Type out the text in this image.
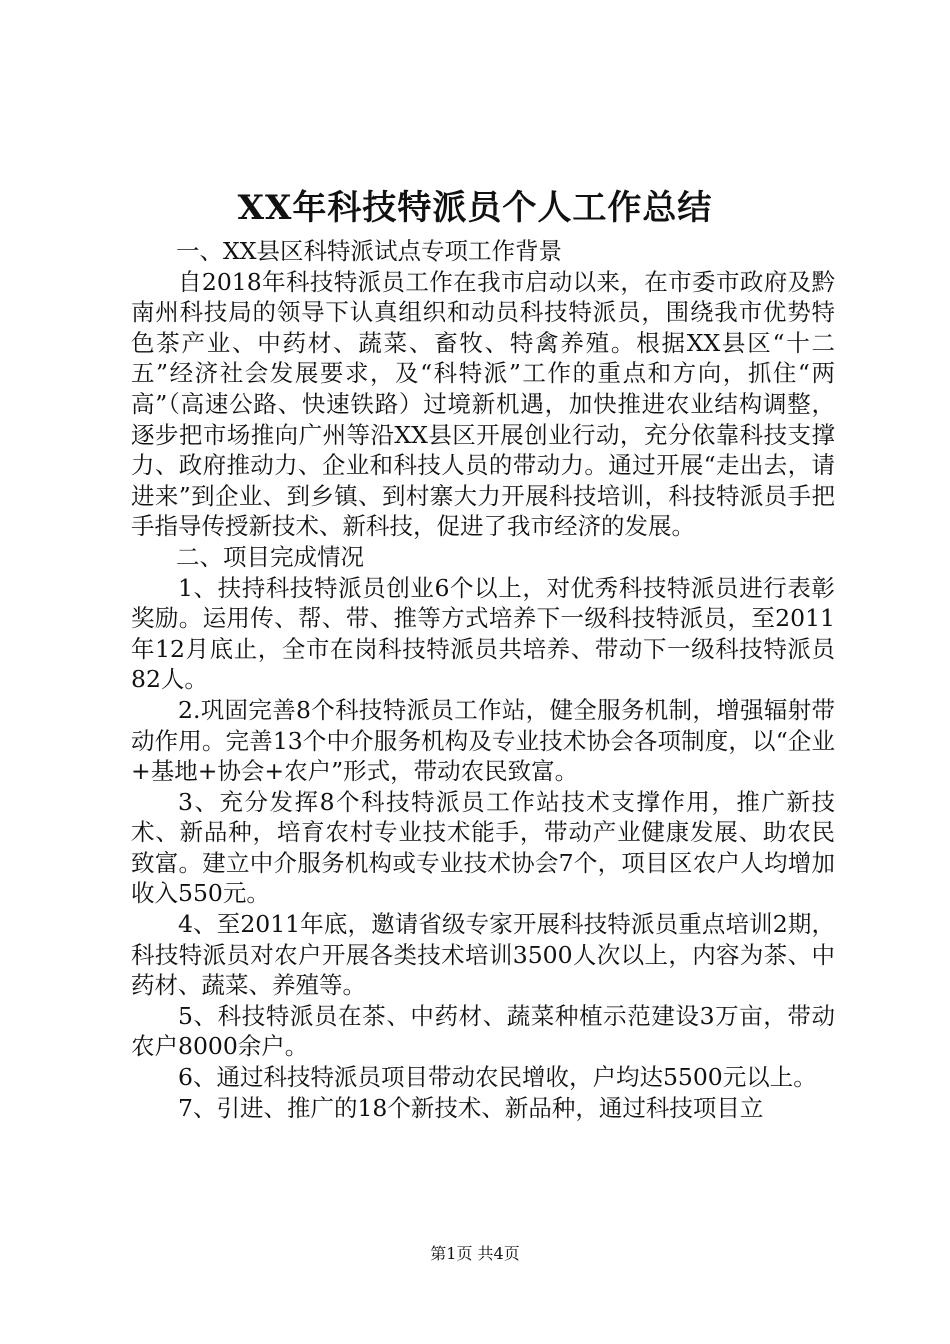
XX年科技特派员个人工作总结

一、XX县区科特派试点专项工作背景

自2018年科技特派员工作在我市启动以来，在市委市政府及黔南州科技局的领导下认真组织和动员科技特派员，围绕我市优势特色茶产业、中药材、蔬菜、畜牧、特禽养殖。根据XX县区“十二五”经济社会发展要求，及“科特派”工作的重点和方向，抓住“两高”（高速公路、快速铁路）过境新机遇，加快推进农业结构调整，逐步把市场推向广州等沿XX县区开展创业行动，充分依靠科技支撑力、政府推动力、企业和科技人员的带动力。通过开展“走出去，请进来”到企业、到乡镇、到村寨大力开展科技培训，科技特派员手把手指导传授新技术、新科技，促进了我市经济的发展。

二、项目完成情况

1、扶持科技特派员创业6个以上，对优秀科技特派员进行表彰奖励。运用传、帮、带、推等方式培养下一级科技特派员，至2011年12月底止，全市在岗科技特派员共培养、带动下一级科技特派员82人。

2.巩固完善8个科技特派员工作站，健全服务机制，增强辐射带动作用。完善13个中介服务机构及专业技术协会各项制度，以“企业+基地+协会+农户”形式，带动农民致富。

3、充分发挥8个科技特派员工作站技术支撑作用，推广新技术、新品种，培育农村专业技术能手，带动产业健康发展、助农民致富。建立中介服务机构或专业技术协会7个，项目区农户人均增加收入550元。

4、至2011年底，邀请省级专家开展科技特派员重点培训2期，科技特派员对农户开展各类技术培训3500人次以上，内容为茶、中药材、蔬菜、养殖等。

5、科技特派员在茶、中药材、蔬菜种植示范建设3万亩，带动农户8000余户。

6、通过科技特派员项目带动农民增收，户均达5500元以上。

7、引进、推广的18个新技术、新品种，通过科技项目立

第1页 共4页
